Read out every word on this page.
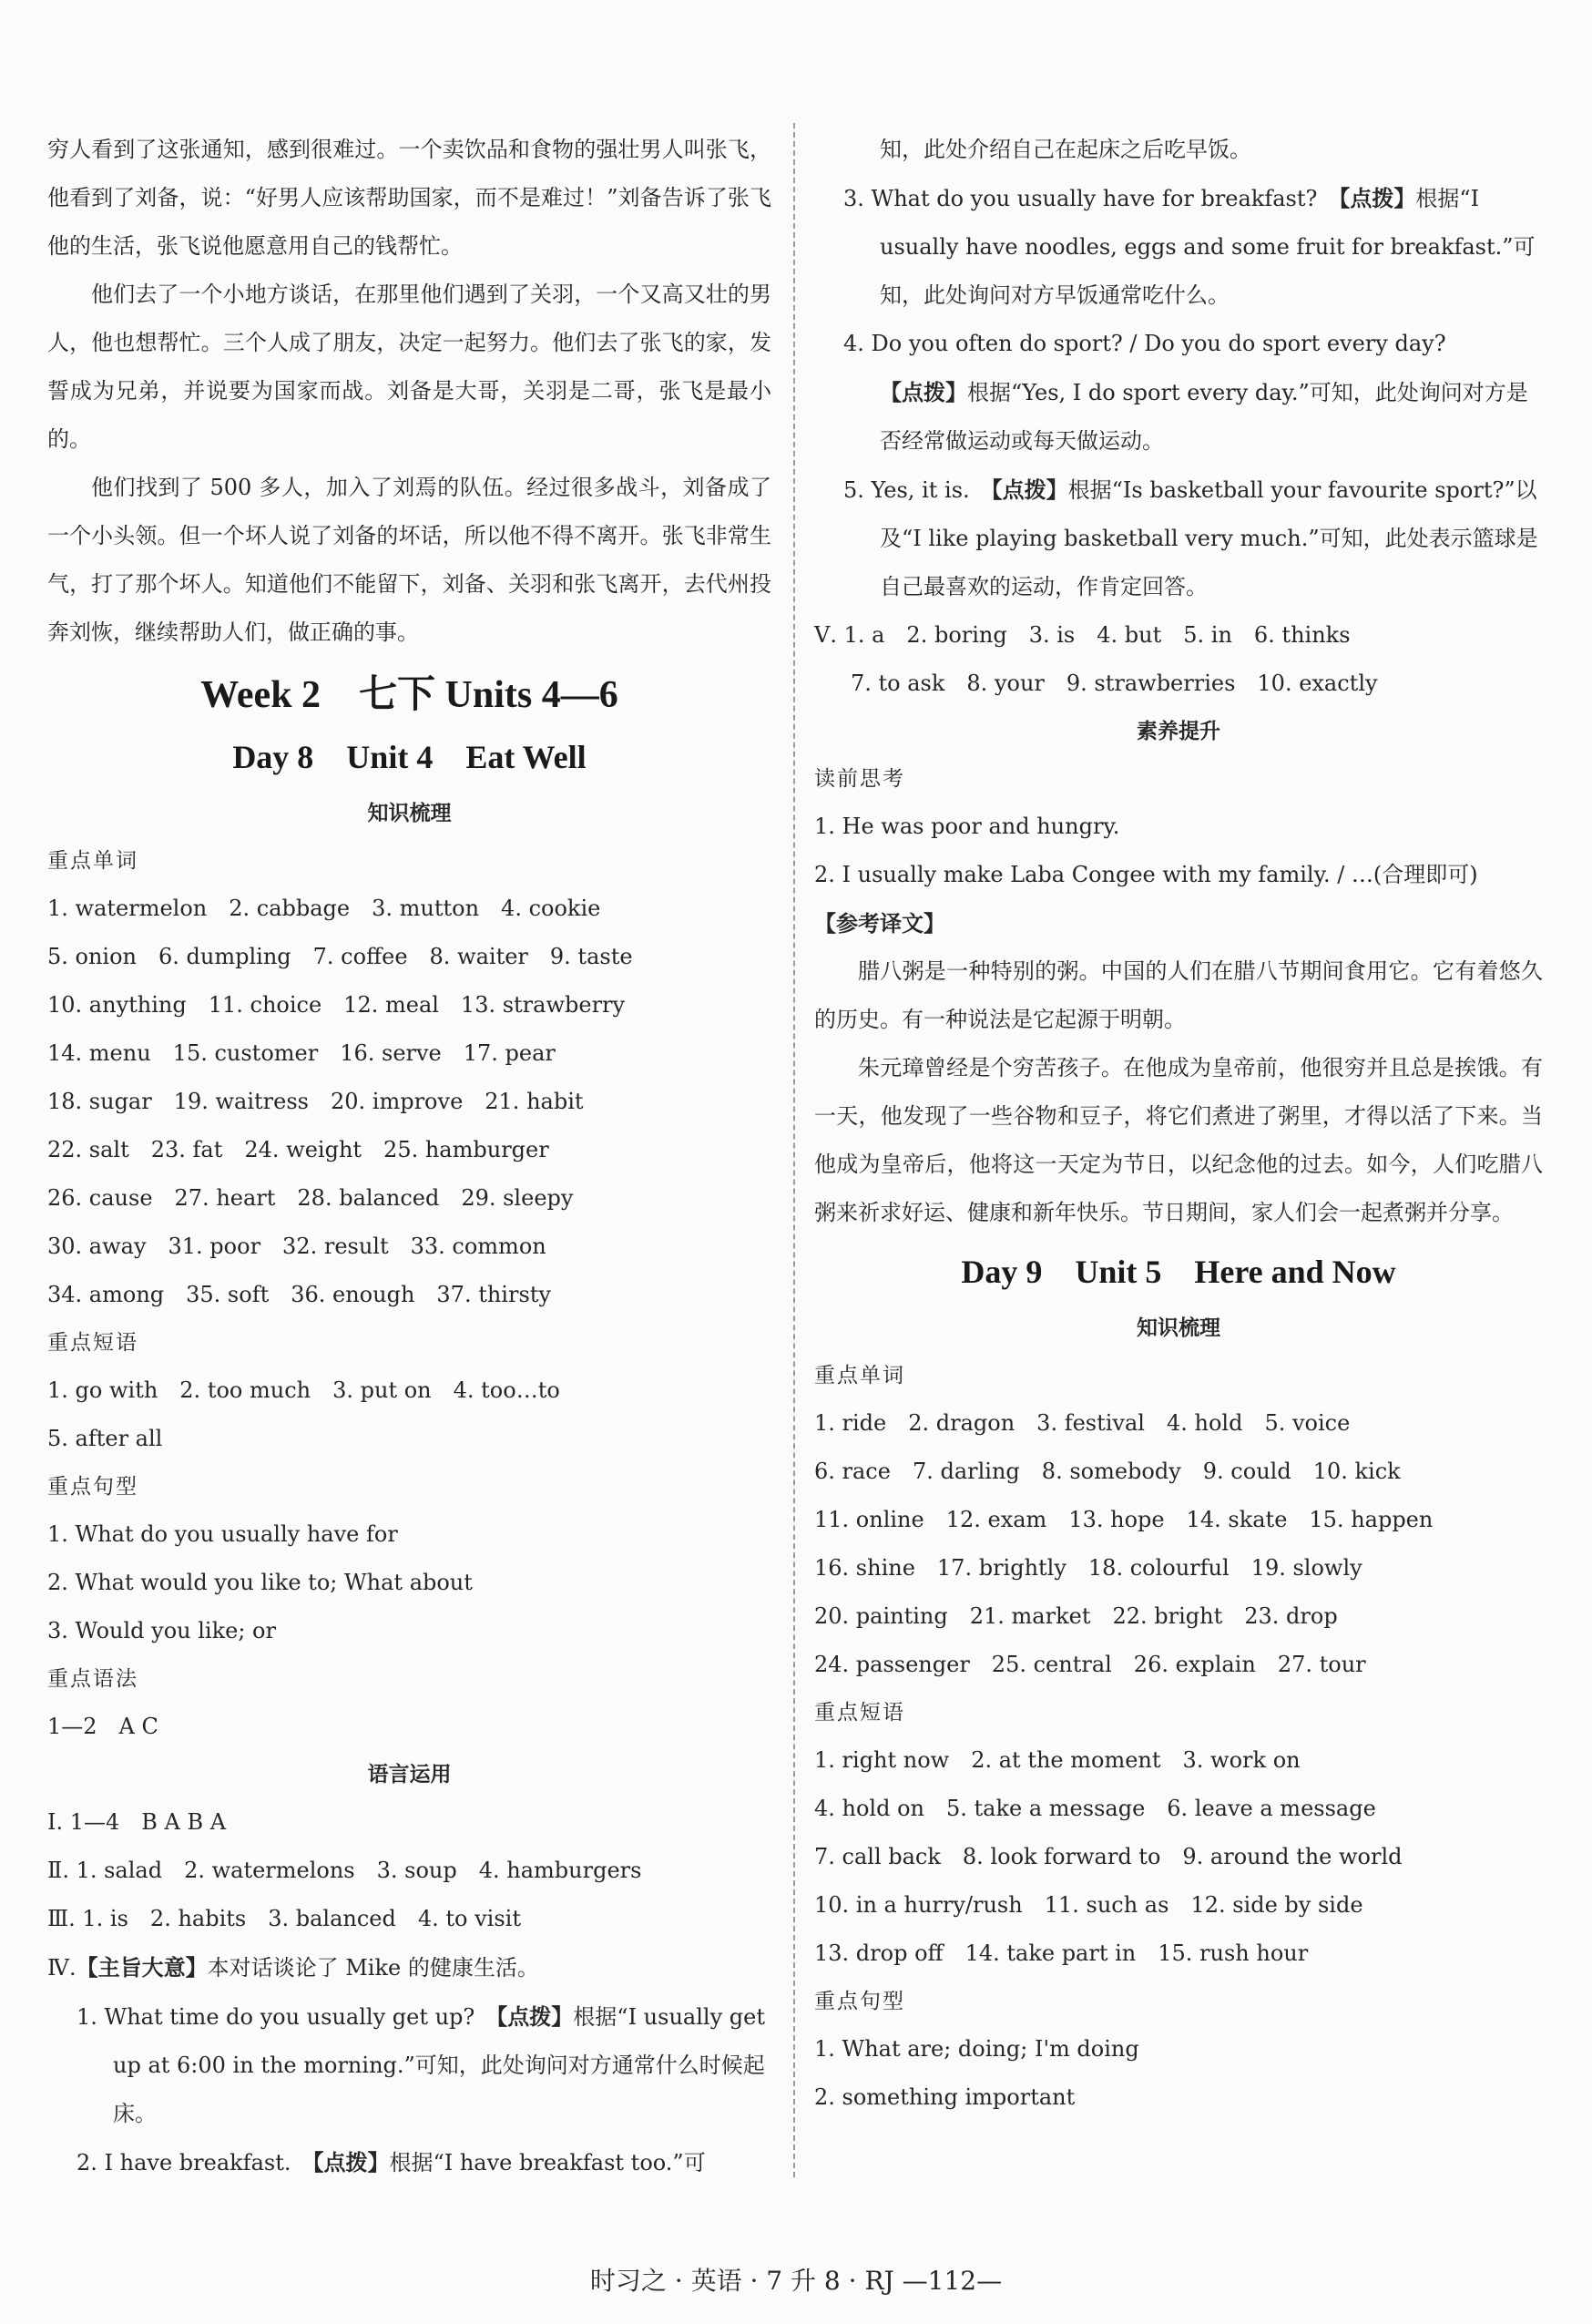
穷人看到了这张通知，感到很难过。一个卖饮品和食物的强壮男人叫张飞，他看到了刘备，说：“好男人应该帮助国家，而不是难过！”刘备告诉了张飞他的生活，张飞说他愿意用自己的钱帮忙。

他们去了一个小地方谈话，在那里他们遇到了关羽，一个又高又壮的男人，他也想帮忙。三个人成了朋友，决定一起努力。他们去了张飞的家，发誓成为兄弟，并说要为国家而战。刘备是大哥，关羽是二哥，张飞是最小的。

他们找到了 500 多人，加入了刘焉的队伍。经过很多战斗，刘备成了一个小头领。但一个坏人说了刘备的坏话，所以他不得不离开。张飞非常生气，打了那个坏人。知道他们不能留下，刘备、关羽和张飞离开，去代州投奔刘恢，继续帮助人们，做正确的事。

Week 2　七下 Units 4—6
Day 8　Unit 4　Eat Well
知识梳理
重点单词
1. watermelon　2. cabbage　3. mutton　4. cookie
5. onion　6. dumpling　7. coffee　8. waiter　9. taste
10. anything　11. choice　12. meal　13. strawberry
14. menu　15. customer　16. serve　17. pear
18. sugar　19. waitress　20. improve　21. habit
22. salt　23. fat　24. weight　25. hamburger
26. cause　27. heart　28. balanced　29. sleepy
30. away　31. poor　32. result　33. common
34. among　35. soft　36. enough　37. thirsty
重点短语
1. go with　2. too much　3. put on　4. too…to
5. after all
重点句型
1. What do you usually have for
2. What would you like to; What about
3. Would you like; or
重点语法
1—2　A C
语言运用
Ⅰ. 1—4　B A B A
Ⅱ. 1. salad　2. watermelons　3. soup　4. hamburgers
Ⅲ. 1. is　2. habits　3. balanced　4. to visit
Ⅳ.【主旨大意】本对话谈论了 Mike 的健康生活。
1. What time do you usually get up?　【点拨】根据“I usually get up at 6:00 in the morning.”可知，此处询问对方通常什么时候起床。
2. I have breakfast.　【点拨】根据“I have breakfast too.”可
知，此处介绍自己在起床之后吃早饭。
3. What do you usually have for breakfast?　【点拨】根据“I usually have noodles, eggs and some fruit for breakfast.”可知，此处询问对方早饭通常吃什么。
4. Do you often do sport? / Do you do sport every day?　【点拨】根据“Yes, I do sport every day.”可知，此处询问对方是否经常做运动或每天做运动。
5. Yes, it is.　【点拨】根据“Is basketball your favourite sport?”以及“I like playing basketball very much.”可知，此处表示篮球是自己最喜欢的运动，作肯定回答。
Ⅴ. 1. a　2. boring　3. is　4. but　5. in　6. thinks
7. to ask　8. your　9. strawberries　10. exactly
素养提升
读前思考
1. He was poor and hungry.
2. I usually make Laba Congee with my family. / …(合理即可)
【参考译文】

腊八粥是一种特别的粥。中国的人们在腊八节期间食用它。它有着悠久的历史。有一种说法是它起源于明朝。

朱元璋曾经是个穷苦孩子。在他成为皇帝前，他很穷并且总是挨饿。有一天，他发现了一些谷物和豆子，将它们煮进了粥里，才得以活了下来。当他成为皇帝后，他将这一天定为节日，以纪念他的过去。如今，人们吃腊八粥来祈求好运、健康和新年快乐。节日期间，家人们会一起煮粥并分享。

Day 9　Unit 5　Here and Now
知识梳理
重点单词
1. ride　2. dragon　3. festival　4. hold　5. voice
6. race　7. darling　8. somebody　9. could　10. kick
11. online　12. exam　13. hope　14. skate　15. happen
16. shine　17. brightly　18. colourful　19. slowly
20. painting　21. market　22. bright　23. drop
24. passenger　25. central　26. explain　27. tour
重点短语
1. right now　2. at the moment　3. work on
4. hold on　5. take a message　6. leave a message
7. call back　8. look forward to　9. around the world
10. in a hurry/rush　11. such as　12. side by side
13. drop off　14. take part in　15. rush hour
重点句型
1. What are; doing; I'm doing
2. something important
时习之 · 英语 · 7 升 8 · RJ —112—
